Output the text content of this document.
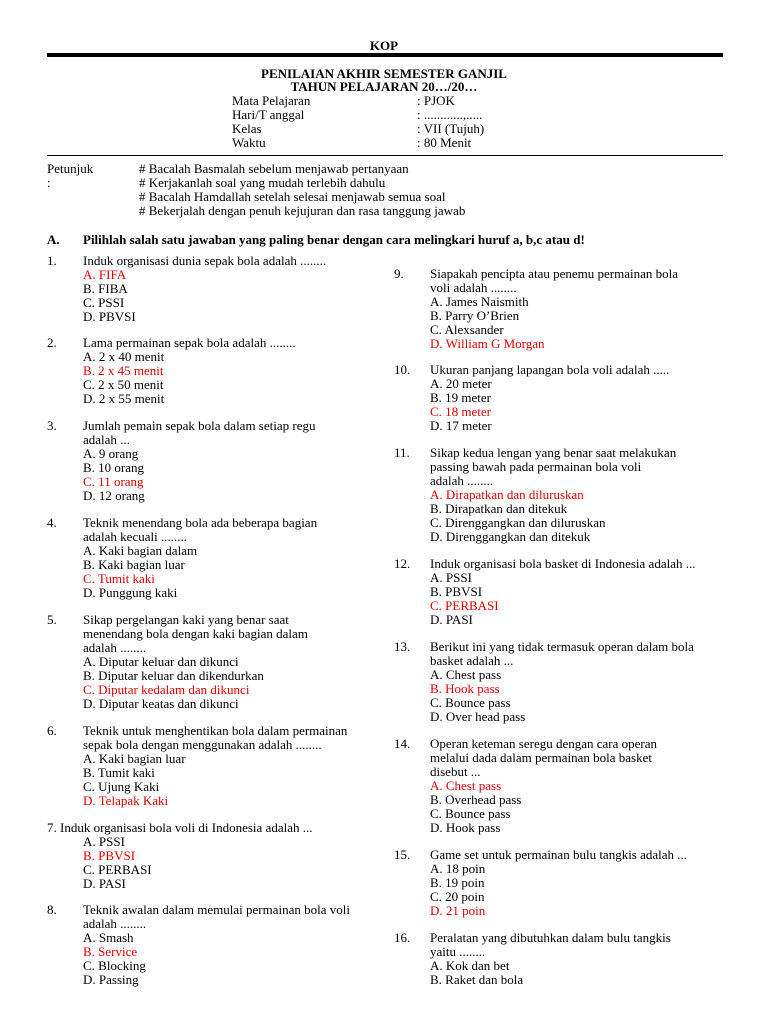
KOP
PENILAIAN AKHIR SEMESTER GANJIL
TAHUN PELAJARAN 20…/20…
Mata Pelajaran	: PJOK
Hari/T anggal	: ............,.....
Kelas	: VII (Tujuh)
Waktu	: 80 Menit
Petunjuk :
# Bacalah Basmalah sebelum menjawab pertanyaan
# Kerjakanlah soal yang mudah terlebih dahulu
# Bacalah Hamdallah setelah selesai menjawab semua soal
# Bekerjalah dengan penuh kejujuran dan rasa tanggung jawab
A. Pilihlah salah satu jawaban yang paling benar dengan cara melingkari huruf a, b,c atau d!
1. Induk organisasi dunia sepak bola adalah ........
A. FIFA
B. FIBA
C. PSSI
D. PBVSI
2. Lama permainan sepak bola adalah ........
A. 2 x 40 menit
B. 2 x 45 menit
C. 2 x 50 menit
D. 2 x 55 menit
3. Jumlah pemain sepak bola dalam setiap regu
adalah ...
A. 9 orang
B. 10 orang
C. 11 orang
D. 12 orang
4. Teknik menendang bola ada beberapa bagian
adalah kecuali ........
A. Kaki bagian dalam
B. Kaki bagian luar
C. Tumit kaki
D. Punggung kaki
5. Sikap pergelangan kaki yang benar saat
menendang bola dengan kaki bagian dalam
adalah ........
A. Diputar keluar dan dikunci
B. Diputar keluar dan dikendurkan
C. Diputar kedalam dan dikunci
D. Diputar keatas dan dikunci
6. Teknik untuk menghentikan bola dalam permainan
sepak bola dengan menggunakan adalah ........
A. Kaki bagian luar
B. Tumit kaki
C. Ujung Kaki
D. Telapak Kaki
7. Induk organisasi bola voli di Indonesia adalah ...
A. PSSI
B. PBVSI
C. PERBASI
D. PASI
8. Teknik awalan dalam memulai permainan bola voli
adalah ........
A. Smash
B. Service
C. Blocking
D. Passing
9. Siapakah pencipta atau penemu permainan bola
voli adalah ........
A. James Naismith
B. Parry O’Brien
C. Alexsander
D. William G Morgan
10. Ukuran panjang lapangan bola voli adalah .....
A. 20 meter
B. 19 meter
C. 18 meter
D. 17 meter
11. Sikap kedua lengan yang benar saat melakukan
passing bawah pada permainan bola voli
adalah ........
A. Dirapatkan dan diluruskan
B. Dirapatkan dan ditekuk
C. Direnggangkan dan diluruskan
D. Direnggangkan dan ditekuk
12. Induk organisasi bola basket di Indonesia adalah ...
A. PSSI
B. PBVSI
C. PERBASI
D. PASI
13. Berikut ini yang tidak termasuk operan dalam bola
basket adalah ...
A. Chest pass
B. Hook pass
C. Bounce pass
D. Over head pass
14. Operan keteman seregu dengan cara operan
melalui dada dalam permainan bola basket
disebut ...
A. Chest pass
B. Overhead pass
C. Bounce pass
D. Hook pass
15. Game set untuk permainan bulu tangkis adalah ...
A. 18 poin
B. 19 poin
C. 20 poin
D. 21 poin
16. Peralatan yang dibutuhkan dalam bulu tangkis
yaitu ........
A. Kok dan bet
B. Raket dan bola
